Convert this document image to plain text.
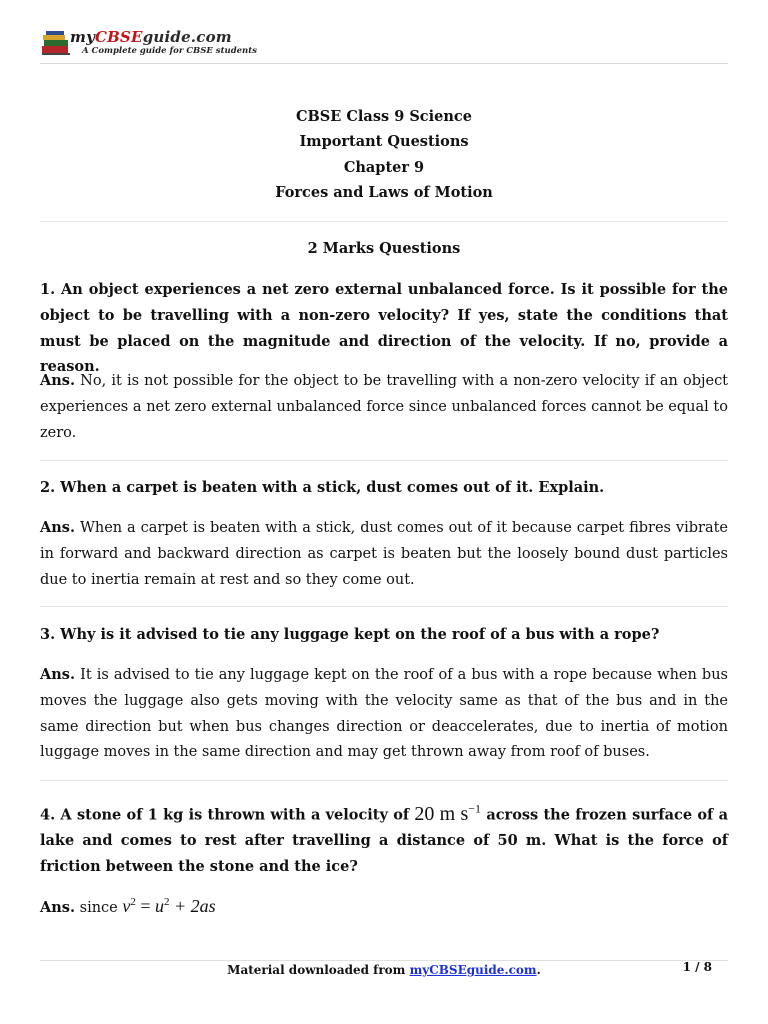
myCBSEguide.com
A Complete guide for CBSE students
CBSE Class 9 Science
Important Questions
Chapter 9
Forces and Laws of Motion
2 Marks Questions
1. An object experiences a net zero external unbalanced force. Is it possible for the object to be travelling with a non-zero velocity? If yes, state the conditions that must be placed on the magnitude and direction of the velocity. If no, provide a reason.
Ans. No, it is not possible for the object to be travelling with a non-zero velocity if an object experiences a net zero external unbalanced force since unbalanced forces cannot be equal to zero.
2. When a carpet is beaten with a stick, dust comes out of it. Explain.
Ans. When a carpet is beaten with a stick, dust comes out of it because carpet fibres vibrate in forward and backward direction as carpet is beaten but the loosely bound dust particles due to inertia remain at rest and so they come out.
3. Why is it advised to tie any luggage kept on the roof of a bus with a rope?
Ans. It is advised to tie any luggage kept on the roof of a bus with a rope because when bus moves the luggage also gets moving with the velocity same as that of the bus and in the same direction but when bus changes direction or deaccelerates, due to inertia of motion luggage moves in the same direction and may get thrown away from roof of buses.
4. A stone of 1 kg is thrown with a velocity of 20 m $s^{-1}$ across the frozen surface of a lake and comes to rest after travelling a distance of 50 m. What is the force of friction between the stone and the ice?
Ans. since $v^2 = u^2 + 2as$
Material downloaded from myCBSEguide.com.	1 / 8
